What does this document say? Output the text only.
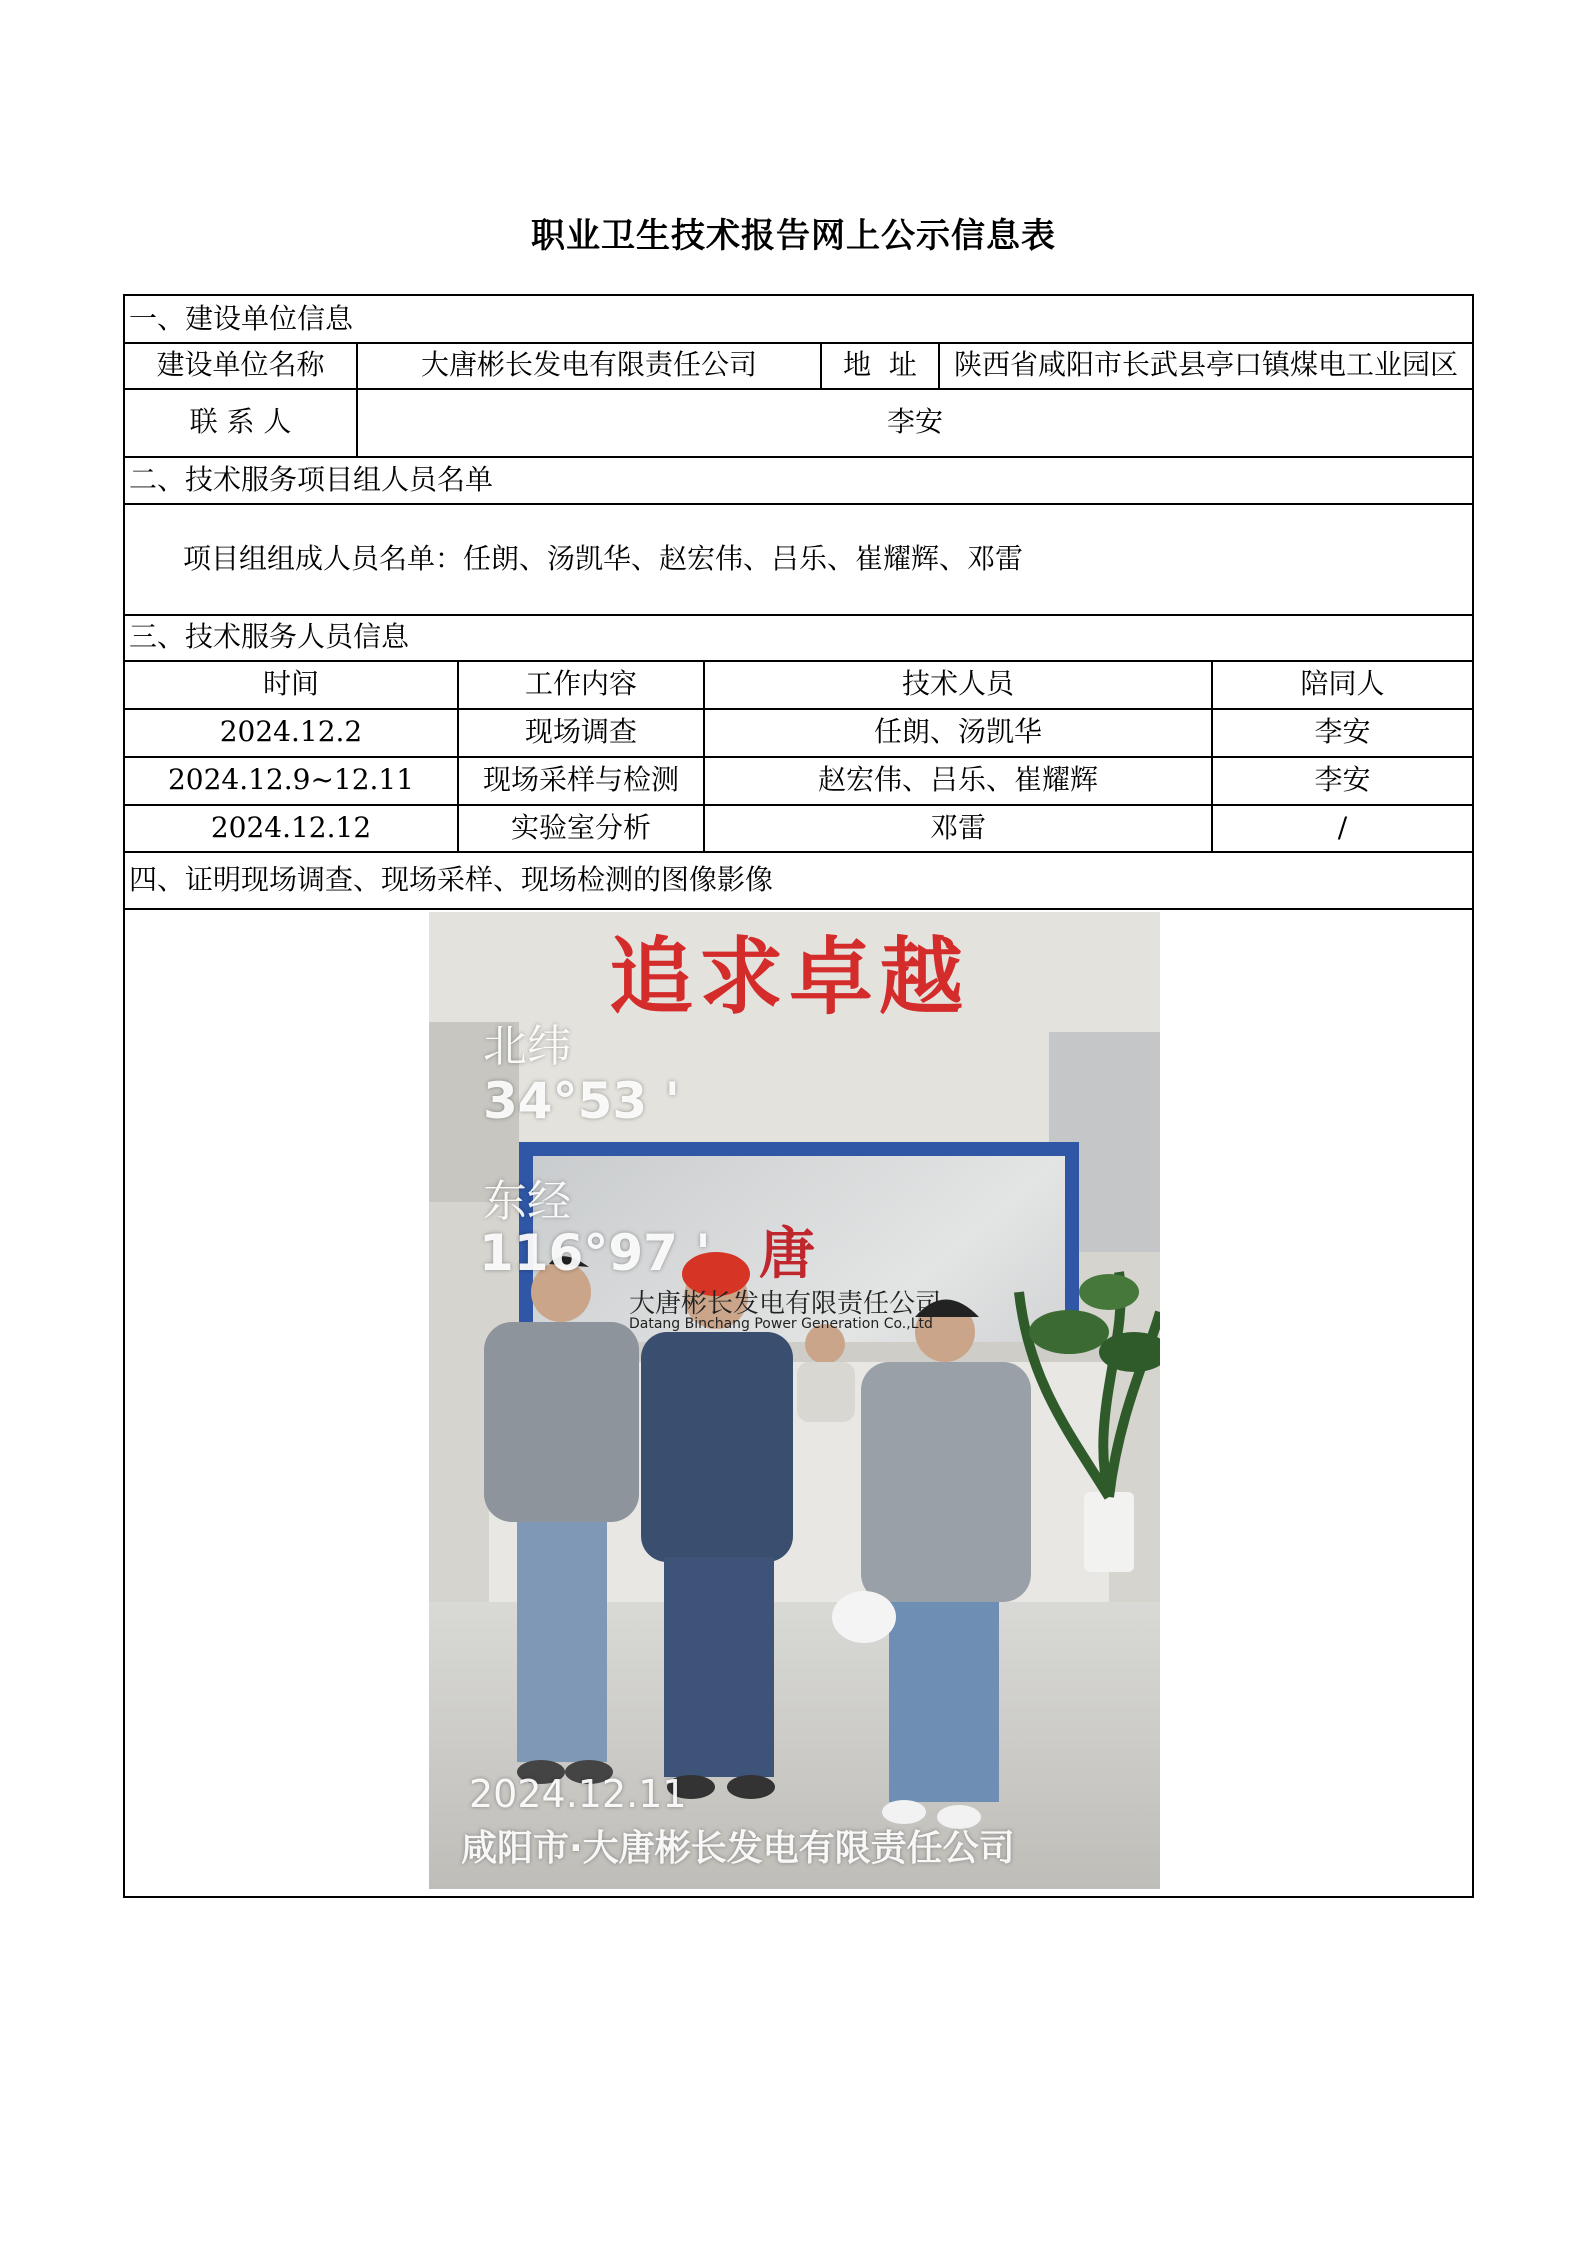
职业卫生技术报告网上公示信息表
一、建设单位信息
建设单位名称	大唐彬长发电有限责任公司	地  址	陕西省咸阳市长武县亭口镇煤电工业园区
联 系 人	李安
二、技术服务项目组人员名单
项目组组成人员名单：任朗、汤凯华、赵宏伟、吕乐、崔耀辉、邓雷
三、技术服务人员信息
时间	工作内容	技术人员	陪同人
2024.12.2	现场调查	任朗、汤凯华	李安
2024.12.9~12.11	现场采样与检测	赵宏伟、吕乐、崔耀辉	李安
2024.12.12	实验室分析	邓雷	/
四、证明现场调查、现场采样、现场检测的图像影像
追求卓越
北纬
34°53 '
东经
116°97 ' 唐
大唐彬长发电有限责任公司
Datang Binchang Power Generation Co.,Ltd
2024.12.11
咸阳市·大唐彬长发电有限责任公司
